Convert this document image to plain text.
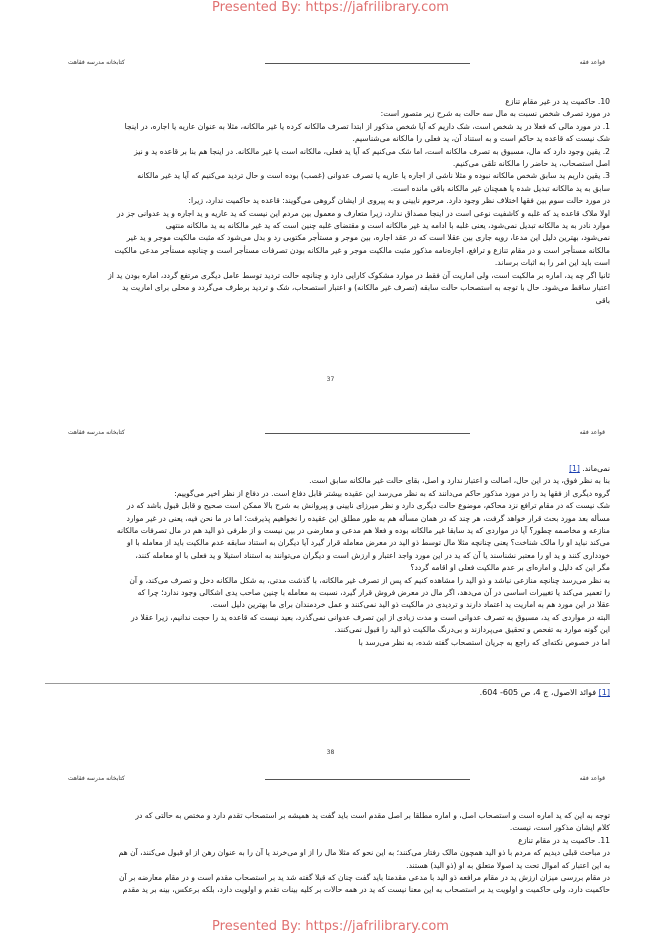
Presented By: https://jafrilibrary.com
قواعد فقه
کتابخانه مدرسه فقاهت

10. حاکمیت ید در غیر مقام تنازع

در مورد تصرف شخص نسبت به مال سه حالت به شرح زیر متصور است:

1. در مورد مالی که فعلا در ید شخص است، شک داریم که آیا شخص مذکور از ابتدا تصرف مالکانه کرده یا غیر مالکانه، مثلا به عنوان عاریه یا اجاره، در اینجا

شک نیست که قاعده ید حاکم است و به استناد آن، ید فعلی را مالکانه می‌شناسیم.

2. یقین وجود دارد که مال، مسبوق به تصرف مالکانه است، اما شک می‌کنیم که آیا ید فعلی، مالکانه است یا غیر مالکانه. در اینجا هم بنا بر قاعده ید و نیز

اصل استصحاب، ید حاضر را مالکانه تلقی می‌کنیم.

3. یقین داریم ید سابق شخص مالکانه نبوده و مثلا ناشی از اجاره یا عاریه یا تصرف عدوانی (غصب) بوده است و حال تردید می‌کنیم که آیا ید غیر مالکانه

سابق به ید مالکانه تبدیل شده یا همچنان غیر مالکانه باقی مانده است.

در مورد حالت سوم بین فقها اختلاف نظر وجود دارد. مرحوم نایینی و به پیروی از ایشان گروهی می‌گویند: قاعده ید حاکمیت ندارد، زیرا:

اولا ملاک قاعده ید که غلبه و کاشفیت نوعی است در اینجا مصداق ندارد، زیرا متعارف و معمول بین مردم این نیست که ید عاریه و ید اجاره و ید عدوانی جز در

موارد نادر به ید مالکانه تبدیل نمی‌شود، یعنی غلبه با ادامه ید غیر مالکانه است و مقتضای غلبه چنین است که ید غیر مالکانه به ید مالکانه منتهی

نمی‌شود، بهترین دلیل این مدعا، رویه جاری بین عقلا است که در عقد اجاره، بین موجر و مستأجر مکتوبی رد و بدل می‌شود که مثبت مالکیت موجر و ید غیر

مالکانه مستأجر است و در مقام تنازع و ترافع، اجاره‌نامه مذکور مثبت مالکیت موجر و غیر مالکانه بودن تصرفات مستأجر است و چنانچه مستأجر مدعی مالکیت

است باید این امر را به اثبات برساند.

ثانیا اگر چه ید، اماره بر مالکیت است، ولی اماریت آن فقط در موارد مشکوک کارایی دارد و چنانچه حالت تردید توسط عامل دیگری مرتفع گردد، اماره بودن ید از

اعتبار ساقط می‌شود. حال با توجه به استصحاب حالت سابقه (تصرف غیر مالکانه) و اعتبار استصحاب، شک و تردید برطرف می‌گردد و محلی برای اماریت ید

باقی

37
قواعد فقه
کتابخانه مدرسه فقاهت

نمی‌ماند. [1]

بنا به نظر فوق، ید در این حال، اصالت و اعتبار ندارد و اصل، بقای حالت غیر مالکانه سابق است.

گروه دیگری از فقها ید را در مورد مذکور حاکم می‌دانند که به نظر می‌رسد این عقیده بیشتر قابل دفاع است. در دفاع از نظر اخیر می‌گوییم:

شک نیست که در مقام ترافع نزد محاکم، موضوع حالت دیگری دارد و نظر میرزای نایینی و پیروانش به شرح بالا ممکن است صحیح و قابل قبول باشد که در

مسأله بعد مورد بحث قرار خواهد گرفت، هر چند که در همان مسأله هم به طور مطلق این عقیده را نخواهیم پذیرفت؛ اما در ما نحن فیه، یعنی در غیر موارد

منازعه و مخاصمه چطور؟ آیا در مواردی که ید سابقا غیر مالکانه بوده و فعلا هم مدعی و معارضی در بین نیست و از طرفی ذو الید هم در مال تصرفات مالکانه

می‌کند نباید او را مالک شناخت؟ یعنی چنانچه مثلا مال توسط ذو الید در معرض معامله قرار گیرد آیا دیگران به استناد سابقه عدم مالکیت باید از معامله با او

خودداری کنند و ید او را معتبر نشناسند یا آن که ید در این مورد واجد اعتبار و ارزش است و دیگران می‌توانند به استناد استیلا و ید فعلی با او معامله کنند،

مگر این که دلیل و اماره‌ای بر عدم مالکیت فعلی او اقامه گردد؟

به نظر می‌رسد چنانچه منازعی نباشد و ذو الید را مشاهده کنیم که پس از تصرف غیر مالکانه، با گذشت مدتی، به شکل مالکانه دخل و تصرف می‌کند، و آن

را تعمیر می‌کند یا تغییرات اساسی در آن می‌دهد، اگر مال در معرض فروش قرار گیرد، نسبت به معامله با چنین صاحب یدی اشکالی وجود ندارد؛ چرا که

عقلا در این مورد هم به اماریت ید اعتماد دارند و تردیدی در مالکیت ذو الید نمی‌کنند و عمل خردمندان برای ما بهترین دلیل است.

البته در مواردی که ید، مسبوق به تصرف عدوانی است و مدت زیادی از این تصرف عدوانی نمی‌گذرد، بعید نیست که قاعده ید را حجت ندانیم، زیرا عقلا در

این گونه موارد به تفحص و تحقیق می‌پردازند و بی‌درنگ مالکیت ذو الید را قبول نمی‌کنند.

اما در خصوص نکته‌ای که راجع به جریان استصحاب گفته شده، به نظر می‌رسد با

[1] فوائد الاصول، ج 4، ص 605- 604.
38
قواعد فقه
کتابخانه مدرسه فقاهت

توجه به این که ید اماره است و استصحاب اصل، و اماره مطلقا بر اصل مقدم است باید گفت ید همیشه بر استصحاب تقدم دارد و مختص به حالتی که در

کلام ایشان مذکور است، نیست.

11. حاکمیت ید در مقام تنازع

در مباحث قبلی دیدیم که مردم با ذو الید همچون مالک رفتار می‌کنند؛ به این نحو که مثلا مال را از او می‌خرند یا آن را به عنوان رهن از او قبول می‌کنند، آن هم

به این اعتبار که اموال تحت ید اصولا متعلق به او (ذو الید) هستند.

در مقام بررسی میزان ارزش ید در مقام مرافعه ذو الید با مدعی مقدمتا باید گفت چنان که قبلا گفته شد ید بر استصحاب مقدم است و در مقام معارضه بر آن

حاکمیت دارد، ولی حاکمیت و اولویت ید بر استصحاب به این معنا نیست که ید در همه حالات بر کلیه بینات تقدم و اولویت دارد، بلکه برعکس، بینه بر ید مقدم

Presented By: https://jafrilibrary.com
